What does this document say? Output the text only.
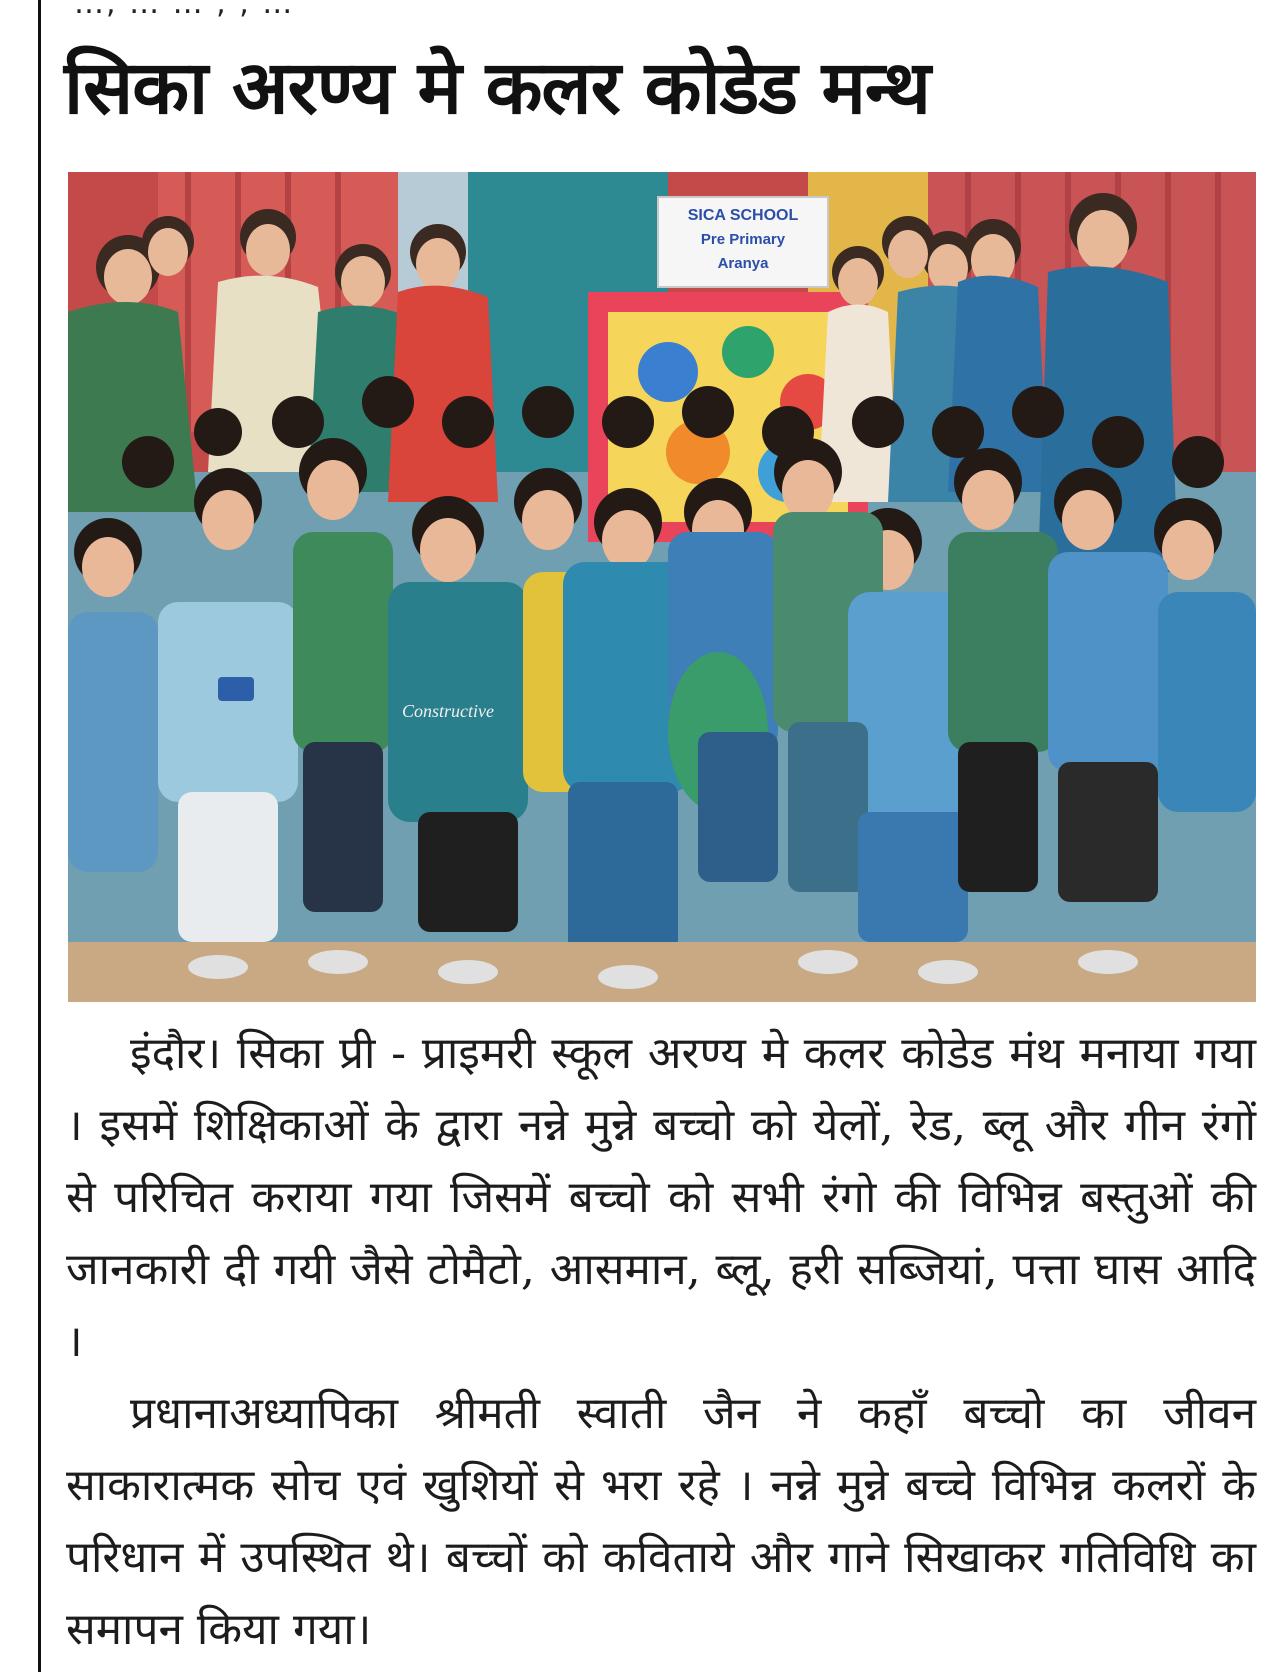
…, … … , , …
सिका अरण्य मे कलर कोडेड मन्थ
SICA SCHOOL
Pre Primary
Aranya
Constructive

इंदौर। सिका प्री - प्राइमरी स्कूल अरण्य मे कलर कोडेड मंथ मनाया गया । इसमें शिक्षिकाओं के द्वारा नन्ने मुन्ने बच्चो को येलों, रेड, ब्लू और गीन रंगों से परिचित कराया गया जिसमें बच्चो को सभी रंगो की विभिन्न बस्तुओं की जानकारी दी गयी जैसे टोमैटो, आसमान, ब्लू, हरी सब्जियां, पत्ता घास आदि ।

प्रधानाअध्यापिका श्रीमती स्वाती जैन ने कहाँ बच्चो का जीवन साकारात्मक सोच एवं खुशियों से भरा रहे । नन्ने मुन्ने बच्चे विभिन्न कलरों के परिधान में उपस्थित थे। बच्चों को कविताये और गाने सिखाकर गतिविधि का समापन किया गया।
